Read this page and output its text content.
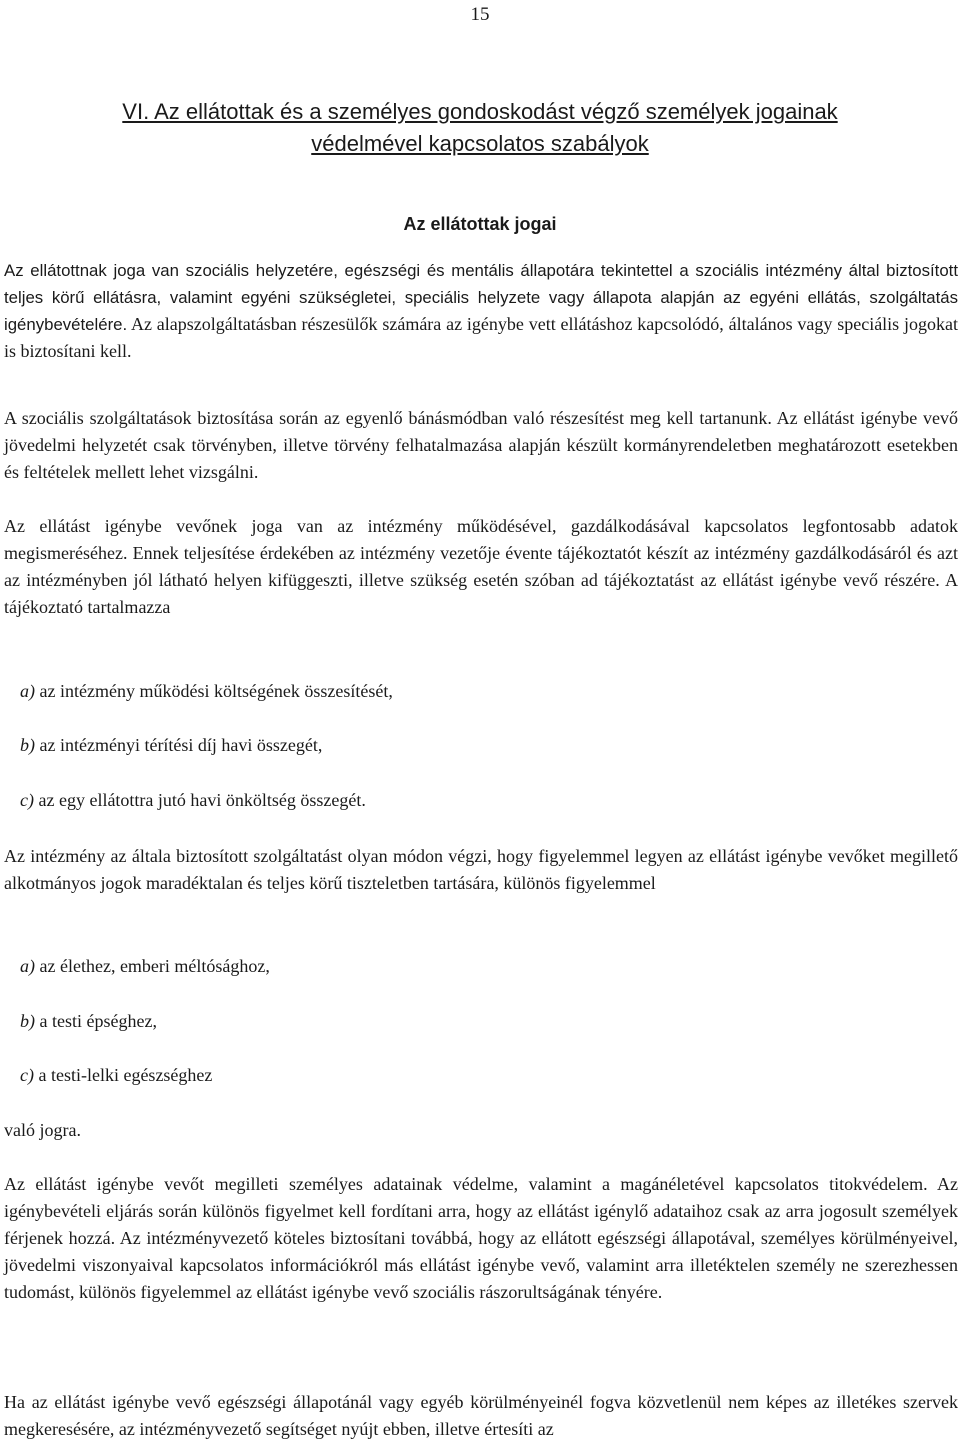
15
VI. Az ellátottak és a személyes gondoskodást végző személyek jogainak
védelmével kapcsolatos szabályok
Az ellátottak jogai

Az ellátottnak joga van szociális helyzetére, egészségi és mentális állapotára tekintettel a szociális intézmény által biztosított teljes körű ellátásra, valamint egyéni szükségletei, speciális helyzete vagy állapota alapján az egyéni ellátás, szolgáltatás igénybevételére. Az alapszolgáltatásban részesülők számára az igénybe vett ellátáshoz kapcsolódó, általános vagy speciális jogokat is biztosítani kell.

A szociális szolgáltatások biztosítása során az egyenlő bánásmódban való részesítést meg kell tartanunk. Az ellátást igénybe vevő jövedelmi helyzetét csak törvényben, illetve törvény felhatalmazása alapján készült kormányrendeletben meghatározott esetekben és feltételek mellett lehet vizsgálni.

Az ellátást igénybe vevőnek joga van az intézmény működésével, gazdálkodásával kapcsolatos legfontosabb adatok megismeréséhez. Ennek teljesítése érdekében az intézmény vezetője évente tájékoztatót készít az intézmény gazdálkodásáról és azt az intézményben jól látható helyen kifüggeszti, illetve szükség esetén szóban ad tájékoztatást az ellátást igénybe vevő részére. A tájékoztató tartalmazza

a) az intézmény működési költségének összesítését,

b) az intézményi térítési díj havi összegét,

c) az egy ellátottra jutó havi önköltség összegét.

Az intézmény az általa biztosított szolgáltatást olyan módon végzi, hogy figyelemmel legyen az ellátást igénybe vevőket megillető alkotmányos jogok maradéktalan és teljes körű tiszteletben tartására, különös figyelemmel

a) az élethez, emberi méltósághoz,

b) a testi épséghez,

c) a testi-lelki egészséghez

való jogra.

Az ellátást igénybe vevőt megilleti személyes adatainak védelme, valamint a magánéletével kapcsolatos titokvédelem. Az igénybevételi eljárás során különös figyelmet kell fordítani arra, hogy az ellátást igénylő adataihoz csak az arra jogosult személyek férjenek hozzá. Az intézményvezető köteles biztosítani továbbá, hogy az ellátott egészségi állapotával, személyes körülményeivel, jövedelmi viszonyaival kapcsolatos információkról más ellátást igénybe vevő, valamint arra illetéktelen személy ne szerezhessen tudomást, különös figyelemmel az ellátást igénybe vevő szociális rászorultságának tényére.

Ha az ellátást igénybe vevő egészségi állapotánál vagy egyéb körülményeinél fogva közvetlenül nem képes az illetékes szervek megkeresésére, az intézményvezető segítséget nyújt ebben, illetve értesíti az
